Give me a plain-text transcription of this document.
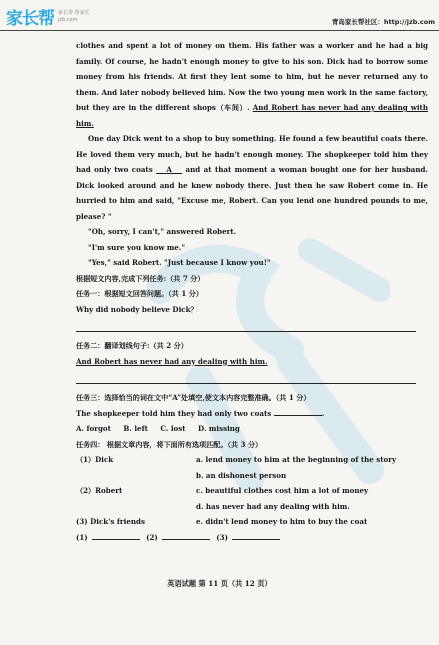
家长帮 家长帮 帮家长
jzb.com	青岛家长帮社区：http://jzb.com

clothes and spent a lot of money on them. His father was a worker and he had a big family. Of course, he hadn't enough money to give to his son. Dick had to borrow some money from his friends. At first they lent some to him, but he never returned any to them. And later nobody believed him. Now the two young men work in the same factory, but they are in the different shops（车间）. And Robert has never had any dealing with him.

One day Dick went to a shop to buy something. He found a few beautiful coats there. He loved them very much, but he hadn't enough money. The shopkeeper told him they had only two coats A and at that moment a woman bought one for her husband. Dick looked around and he knew nobody there. Just then he saw Robert come in. He hurried to him and said, "Excuse me, Robert. Can you lend one hundred pounds to me, please? "

"Oh, sorry, I can't," answered Robert.

"I'm sure you know me."

"Yes," said Robert. "Just because I know you!"

根据短文内容,完成下列任务:（共 7 分）

任务一：根据短文回答问题。（共 1 分）

Why did nobody believe Dick？

任务二：翻译划线句子:（共 2 分）

And Robert has never had any dealing with him.

任务三：选择恰当的词在文中“A”处填空,使文本内容完整准确。（共 1 分）

The shopkeeper told him they had only two coats	.

A. forgot B. left C. lost D. missing

任务四： 根据文章内容，将下面所有选项匹配。（共 3 分）

（1）Dick	a. lend money to him at the beginning of the story
b. an dishonest person
（2）Robert	c. beautiful clothes cost him a lot of money
d. has never had any dealing with him.
(3) Dick's friends	e. didn't lend money to him to buy the coat

(1)	(2)	(3)

英语试题 第 11 页（共 12 页）
